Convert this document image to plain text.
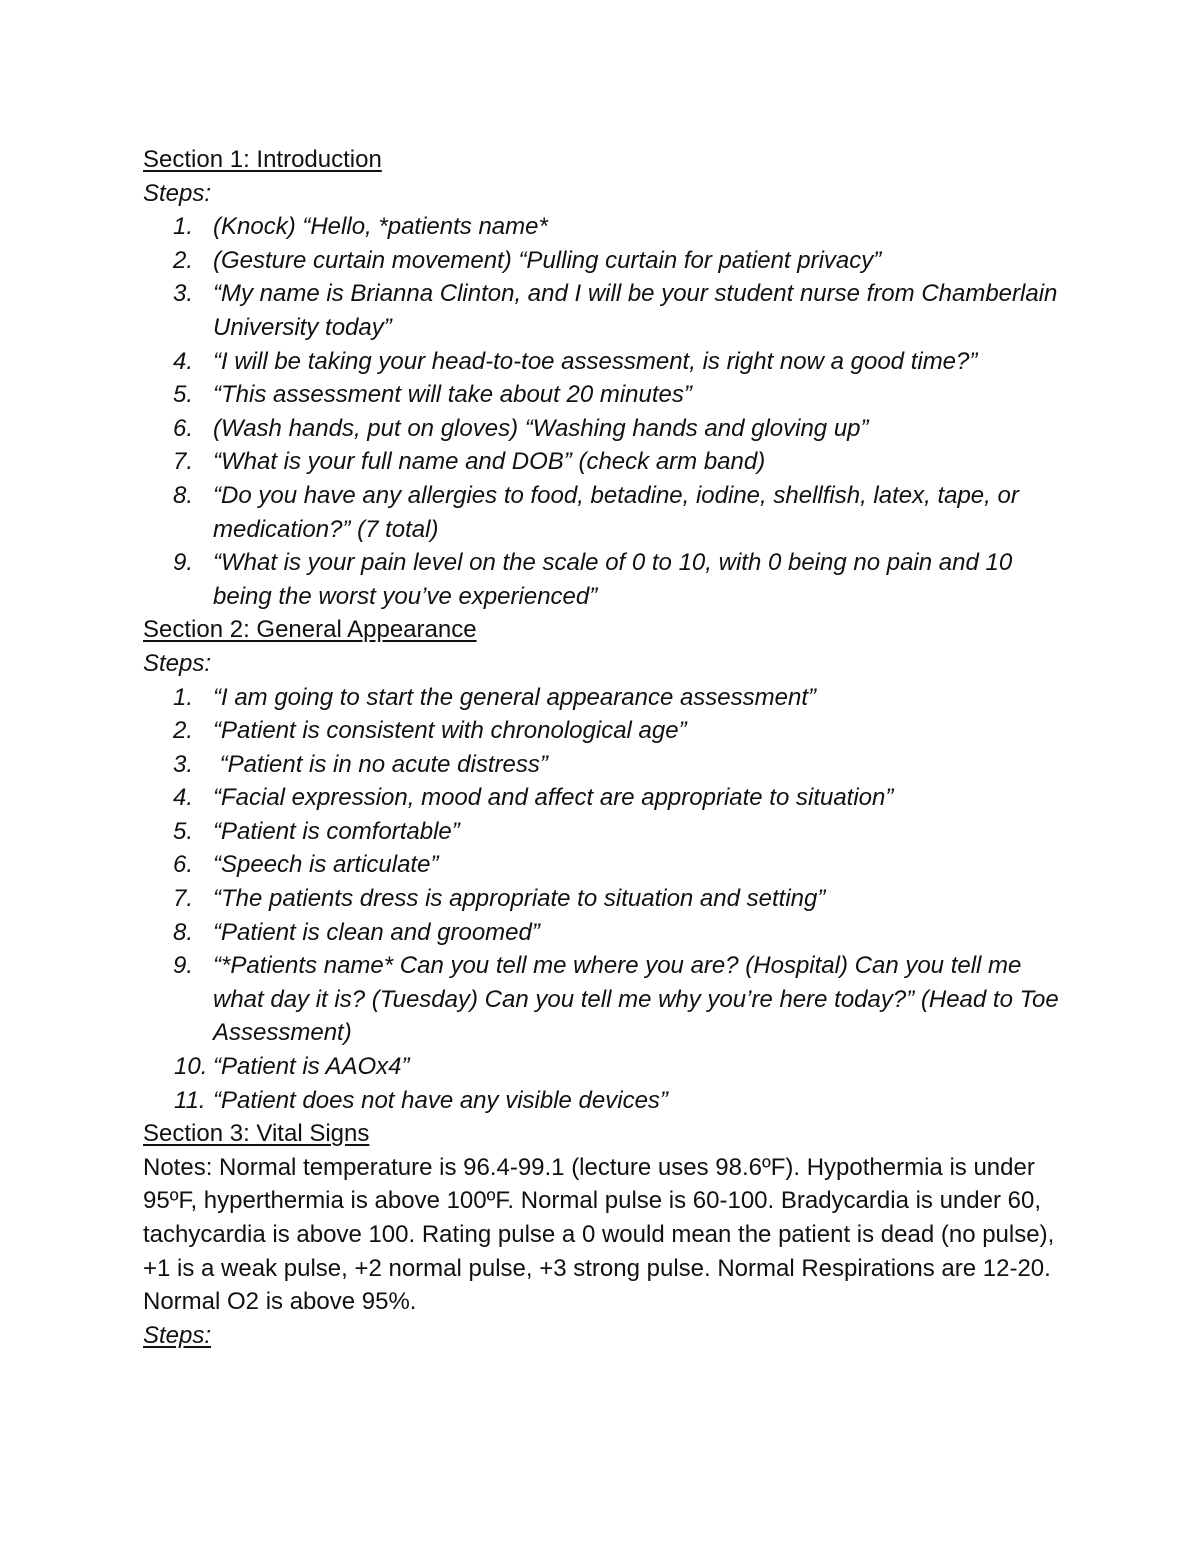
Section 1: Introduction
Steps:
1. (Knock) “Hello, *patients name*
2. (Gesture curtain movement) “Pulling curtain for patient privacy”
3. “My name is Brianna Clinton, and I will be your student nurse from Chamberlain University today”
4. “I will be taking your head-to-toe assessment, is right now a good time?”
5. “This assessment will take about 20 minutes”
6. (Wash hands, put on gloves) “Washing hands and gloving up”
7. “What is your full name and DOB” (check arm band)
8. “Do you have any allergies to food, betadine, iodine, shellfish, latex, tape, or medication?” (7 total)
9. “What is your pain level on the scale of 0 to 10, with 0 being no pain and 10 being the worst you’ve experienced”
Section 2: General Appearance
Steps:
1. “I am going to start the general appearance assessment”
2. “Patient is consistent with chronological age”
3. “Patient is in no acute distress”
4. “Facial expression, mood and affect are appropriate to situation”
5. “Patient is comfortable”
6. “Speech is articulate”
7. “The patients dress is appropriate to situation and setting”
8. “Patient is clean and groomed”
9. “*Patients name* Can you tell me where you are? (Hospital) Can you tell me what day it is? (Tuesday) Can you tell me why you’re here today?” (Head to Toe Assessment)
10. “Patient is AAOx4”
11. “Patient does not have any visible devices”
Section 3: Vital Signs

Notes: Normal temperature is 96.4-99.1 (lecture uses 98.6ºF). Hypothermia is under 95ºF, hyperthermia is above 100ºF. Normal pulse is 60-100. Bradycardia is under 60, tachycardia is above 100. Rating pulse a 0 would mean the patient is dead (no pulse), +1 is a weak pulse, +2 normal pulse, +3 strong pulse. Normal Respirations are 12-20. Normal O2 is above 95%.

Steps:
